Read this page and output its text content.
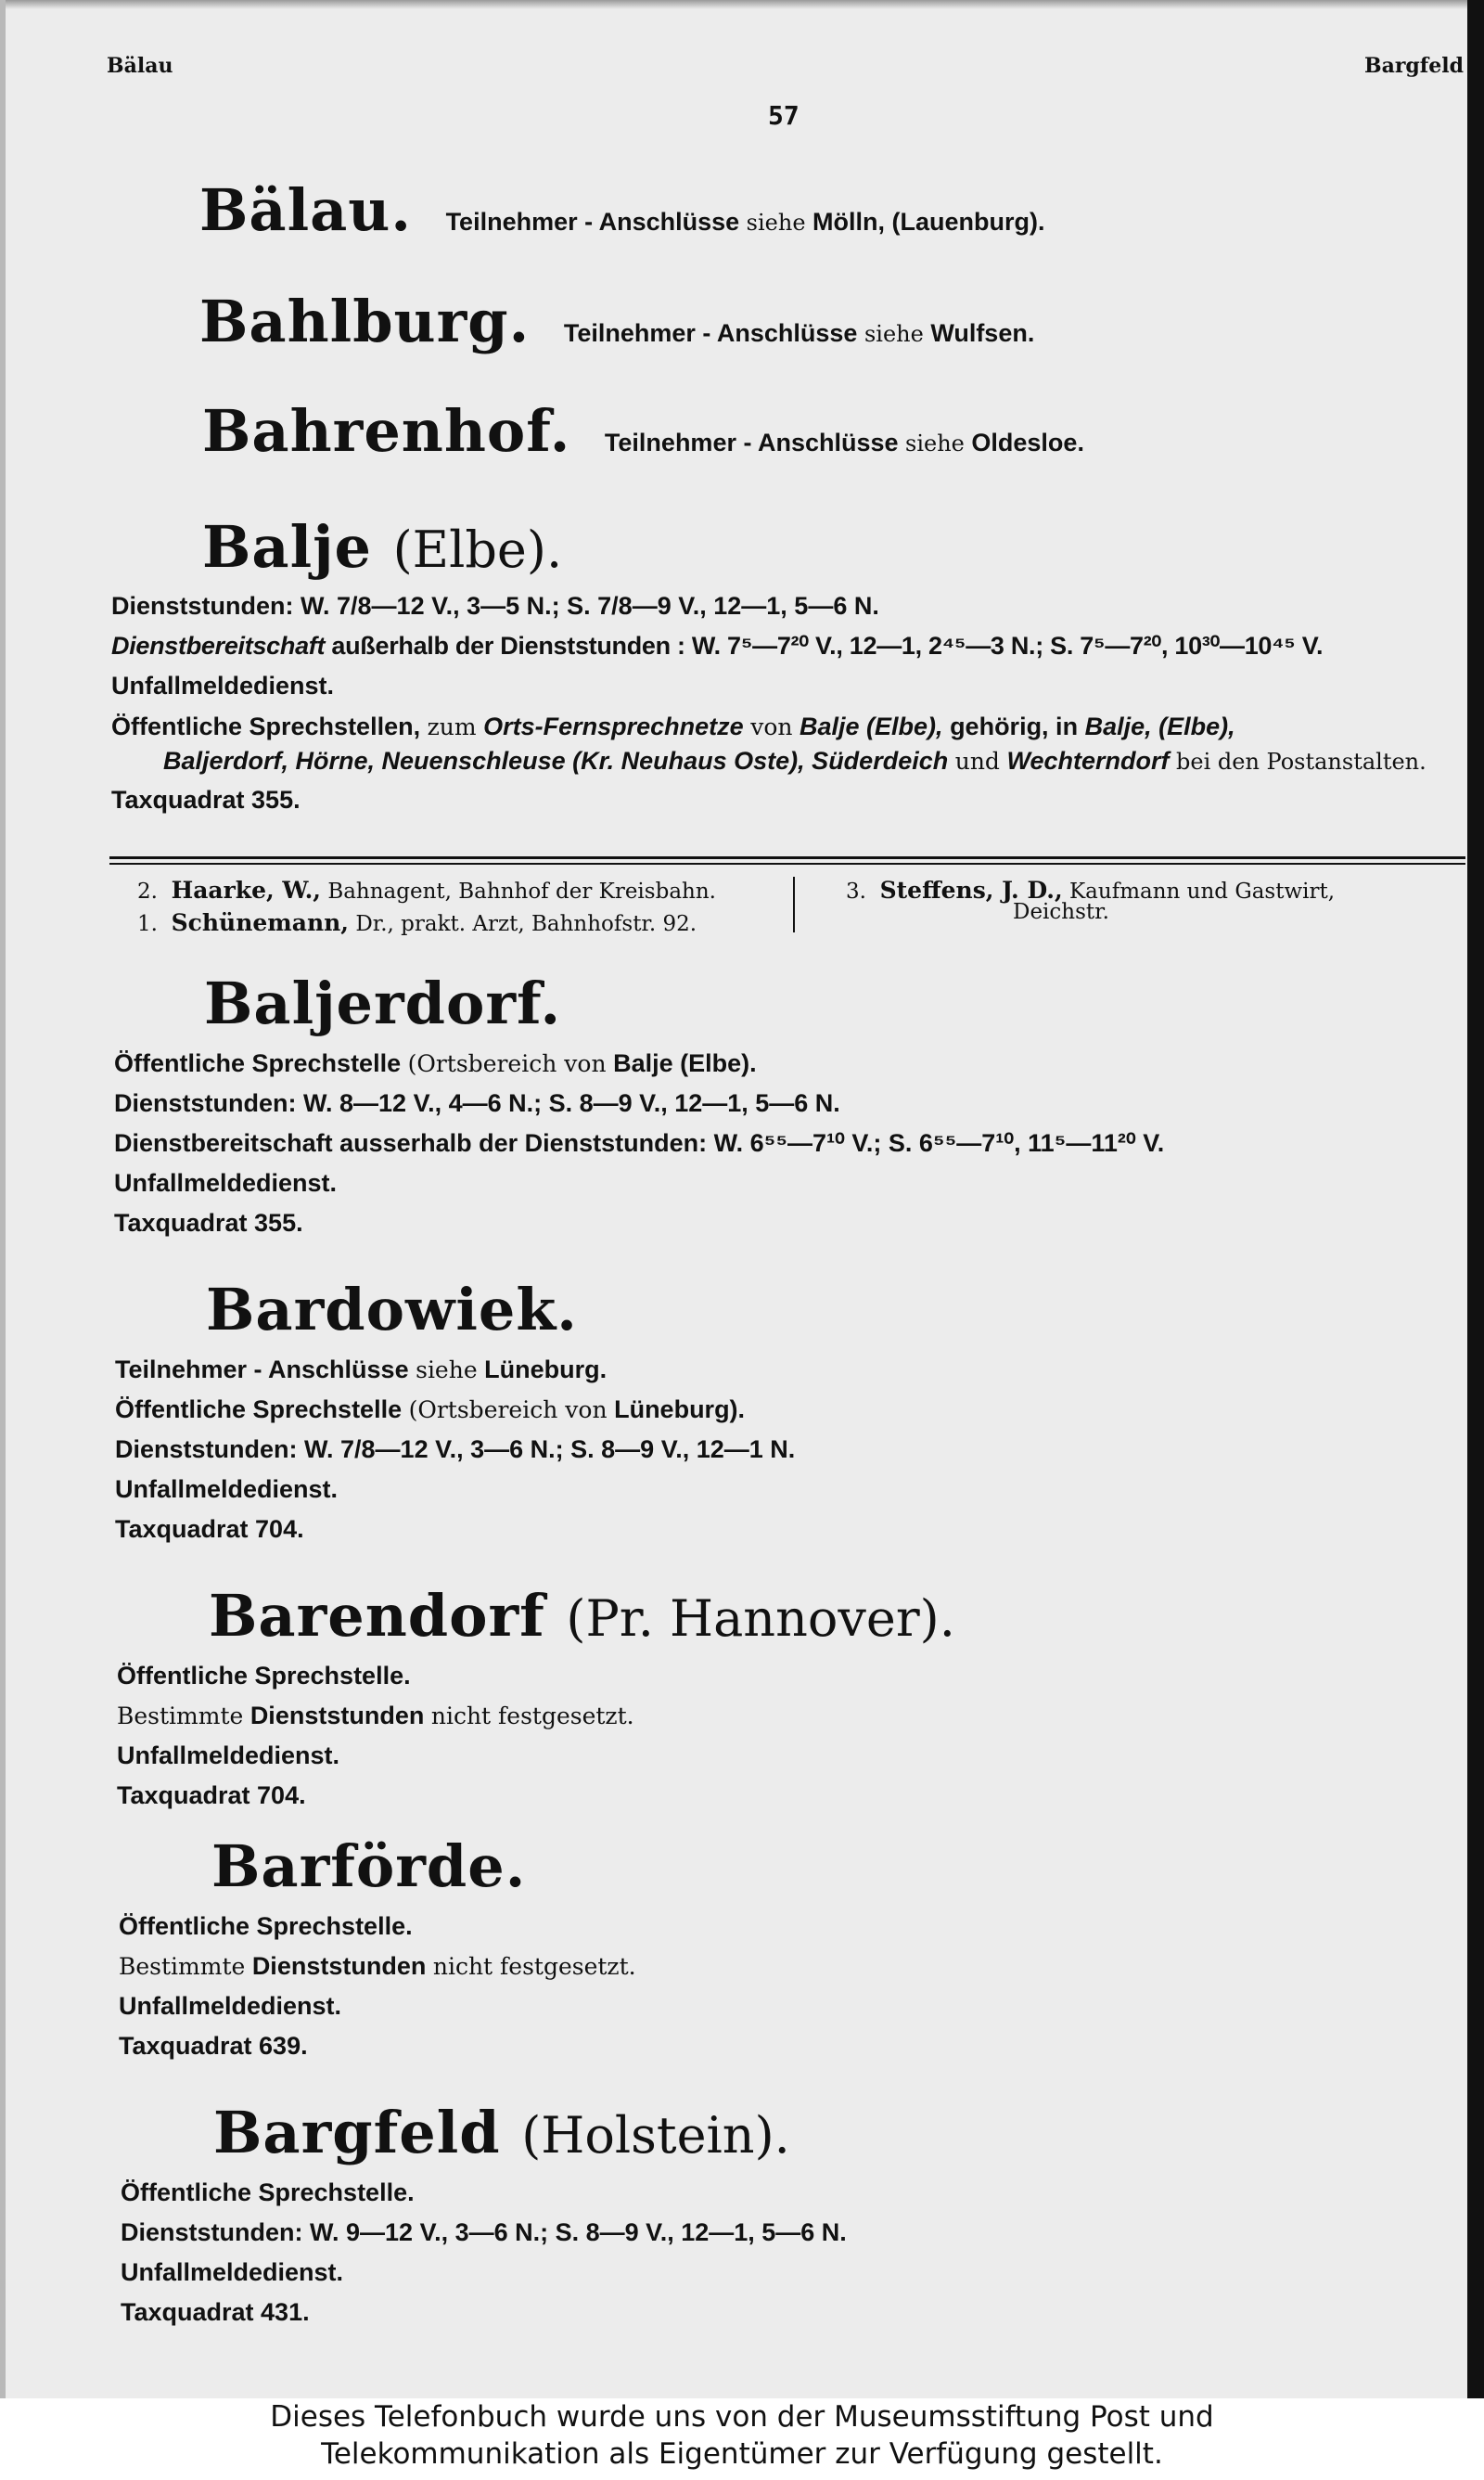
Bälau	Bargfeld
57
Bälau. Teilnehmer - Anschlüsse siehe Mölln, (Lauenburg).
Bahlburg. Teilnehmer - Anschlüsse siehe Wulfsen.
Bahrenhof. Teilnehmer - Anschlüsse siehe Oldesloe.
Balje (Elbe).
Dienststunden: W. 7/8—12 V., 3—5 N.; S. 7/8—9 V., 12—1, 5—6 N.
Dienstbereitschaft außerhalb der Dienststunden : W. 7⁵—7²⁰ V., 12—1, 2⁴⁵—3 N.; S. 7⁵—7²⁰, 10³⁰—10⁴⁵ V.
Unfallmeldedienst.
Öffentliche Sprechstellen, zum Orts-Fernsprechnetze von Balje (Elbe), gehörig, in Balje, (Elbe),
Baljerdorf, Hörne, Neuenschleuse (Kr. Neuhaus Oste), Süderdeich und Wechterndorf bei den Postanstalten.
Taxquadrat 355.
2. Haarke, W., Bahnagent, Bahnhof der Kreisbahn.
1. Schünemann, Dr., prakt. Arzt, Bahnhofstr. 92.
3. Steffens, J. D., Kaufmann und Gastwirt,
Deichstr.
Baljerdorf.
Öffentliche Sprechstelle (Ortsbereich von Balje (Elbe).
Dienststunden: W. 8—12 V., 4—6 N.; S. 8—9 V., 12—1, 5—6 N.
Dienstbereitschaft ausserhalb der Dienststunden: W. 6⁵⁵—7¹⁰ V.; S. 6⁵⁵—7¹⁰, 11⁵—11²⁰ V.
Unfallmeldedienst.
Taxquadrat 355.
Bardowiek.
Teilnehmer - Anschlüsse siehe Lüneburg.
Öffentliche Sprechstelle (Ortsbereich von Lüneburg).
Dienststunden: W. 7/8—12 V., 3—6 N.; S. 8—9 V., 12—1 N.
Unfallmeldedienst.
Taxquadrat 704.
Barendorf (Pr. Hannover).
Öffentliche Sprechstelle.
Bestimmte Dienststunden nicht festgesetzt.
Unfallmeldedienst.
Taxquadrat 704.
Barförde.
Öffentliche Sprechstelle.
Bestimmte Dienststunden nicht festgesetzt.
Unfallmeldedienst.
Taxquadrat 639.
Bargfeld (Holstein).
Öffentliche Sprechstelle.
Dienststunden: W. 9—12 V., 3—6 N.; S. 8—9 V., 12—1, 5—6 N.
Unfallmeldedienst.
Taxquadrat 431.
Dieses Telefonbuch wurde uns von der Museumsstiftung Post und
Telekommunikation als Eigentümer zur Verfügung gestellt.
